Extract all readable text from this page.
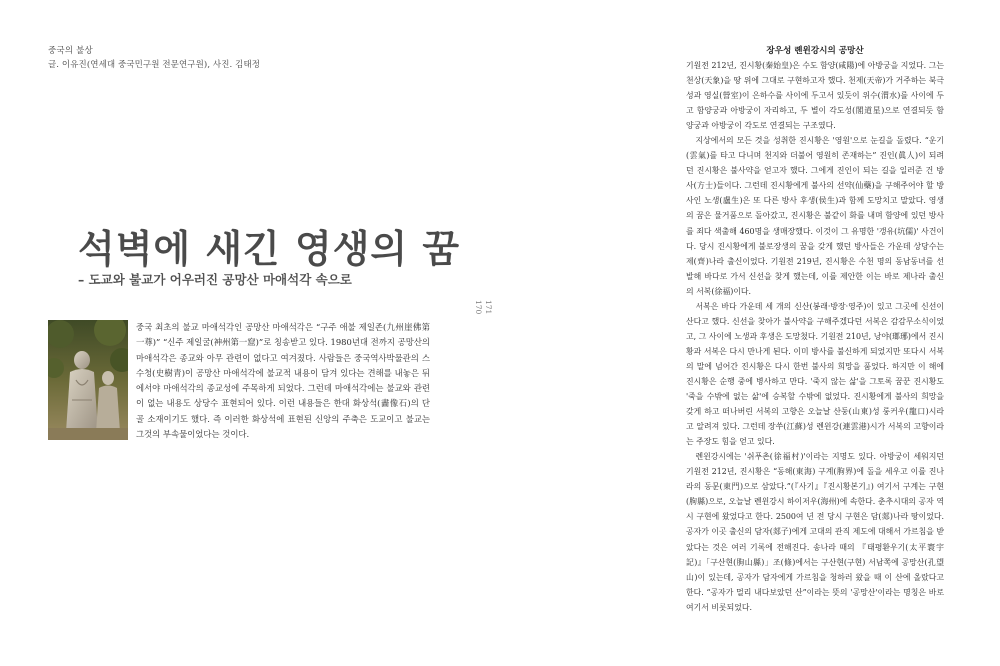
중국의 불상
글. 이유진(연세대 중국민구원 전문연구원), 사진. 김태정
석벽에 새긴 영생의 꿈
– 도교와 불교가 어우러진 공망산 마애석각 속으로

중국 최초의 불교 마애석각인 공망산 마애석각은 “구주 애불 제일존(九州崖佛第一尊)” “신주 제일굴(神州第一窟)”로 칭송받고 있다. 1980년대 전까지 공망산의 마애석각은 종교와 아무 관련이 없다고 여겨졌다. 사람들은 중국역사박물관의 스수청(史樹青)이 공망산 마애석각에 불교적 내용이 담겨 있다는 견해를 내놓은 뒤에서야 마애석각의 종교성에 주목하게 되었다. 그런데 마애석각에는 불교와 관련이 없는 내용도 상당수 표현되어 있다. 이런 내용들은 한대 화상석(畵像石)의 단골 소재이기도 했다. 즉 이러한 화상석에 표현된 신앙의 주축은 도교이고 불교는 그것의 부속물이었다는 것이다.

170 171
장우성 롄윈강시의 공망산

기원전 212년, 진시황(秦始皇)은 수도 함양(咸陽)에 아방궁을 지었다. 그는 천상(天象)을 땅 위에 그대로 구현하고자 했다. 천제(天帝)가 거주하는 북극성과 영실(營室)이 은하수를 사이에 두고서 있듯이 위수(渭水)를 사이에 두고 함양궁과 아방궁이 자리하고, 두 별이 각도성(閣道星)으로 연결되듯 함양궁과 아방궁이 각도로 연결되는 구조였다.

지상에서의 모든 것을 성취한 진시황은 '영원'으로 눈길을 돌렸다. “운기(雲氣)를 타고 다니며 천지와 더불어 영원히 존재하는” 진인(眞人)이 되려던 진시황은 불사약을 얻고자 했다. 그에게 진인이 되는 길을 일러준 건 방사(方士)들이다. 그런데 진시황에게 불사의 선약(仙藥)을 구해주어야 할 방사인 노생(盧生)은 또 다른 방사 후생(侯生)과 함께 도망치고 말았다. 영생의 꿈은 물거품으로 돌아갔고, 진시황은 불같이 화를 내며 함양에 있던 방사를 죄다 색출해 460명을 생매장했다. 이것이 그 유명한 '갱유(坑儒)' 사건이다. 당시 진시황에게 불로장생의 꿈을 갖게 했던 방사들은 가운데 상당수는 제(齊)나라 출신이었다. 기원전 219년, 진시황은 수천 명의 동남동녀를 선발해 바다로 가서 신선을 찾게 했는데, 이를 제안한 이는 바로 제나라 출신의 서복(徐福)이다.

서복은 바다 가운데 세 개의 신산(봉래·방장·영주)이 있고 그곳에 신선이 산다고 했다. 신선을 찾아가 불사약을 구해주겠다던 서복은 감감무소식이었고, 그 사이에 노생과 후생은 도망쳤다. 기원전 210년, 낭야(瑯琊)에서 진시황과 서복은 다시 만나게 된다. 이미 방사를 불신하게 되었지만 또다시 서복의 말에 넘어간 진시황은 다시 한번 불사의 희망을 품었다. 하지만 이 해에 진시황은 순행 중에 병사하고 만다. '죽지 않는 삶'을 그토록 꿈꾼 진시황도 '죽을 수밖에 없는 삶'에 승복할 수밖에 없었다. 진시황에게 불사의 희망을 갖게 하고 떠나버린 서복의 고향은 오늘날 산둥(山東)성 룽커우(龍口)시라고 알려져 있다. 그런데 장쑤(江蘇)성 롄윈강(連雲港)시가 서복의 고향이라는 주장도 힘을 얻고 있다.

롄윈강시에는 '쉬푸촌(徐福村)'이라는 지명도 있다. 아방궁이 세워지던 기원전 212년, 진시황은 “동해(東海) 구계(朐界)에 돌을 세우고 이를 진나라의 동문(東門)으로 삼았다.”(『사기』『진시황본기』) 여기서 구계는 구현(朐縣)으로, 오늘날 롄윈강시 하이저우(海州)에 속한다. 춘추시대의 공자 역시 구현에 왔었다고 한다. 2500여 년 전 당시 구현은 담(郯)나라 땅이었다. 공자가 이곳 출신의 담자(郯子)에게 고대의 관직 제도에 대해서 가르침을 받았다는 것은 여러 기록에 전해진다. 송나라 때의 『태평환우기(太平寰宇記)』「구산현(朐山縣)」조(條)에서는 구산현(구현) 서남쪽에 공망산(孔望山)이 있는데, 공자가 담자에게 가르침을 청하러 왔을 때 이 산에 올랐다고 한다. “공자가 멀리 내다보았던 산”이라는 뜻의 '공망산'이라는 명칭은 바로 여기서 비롯되었다.
